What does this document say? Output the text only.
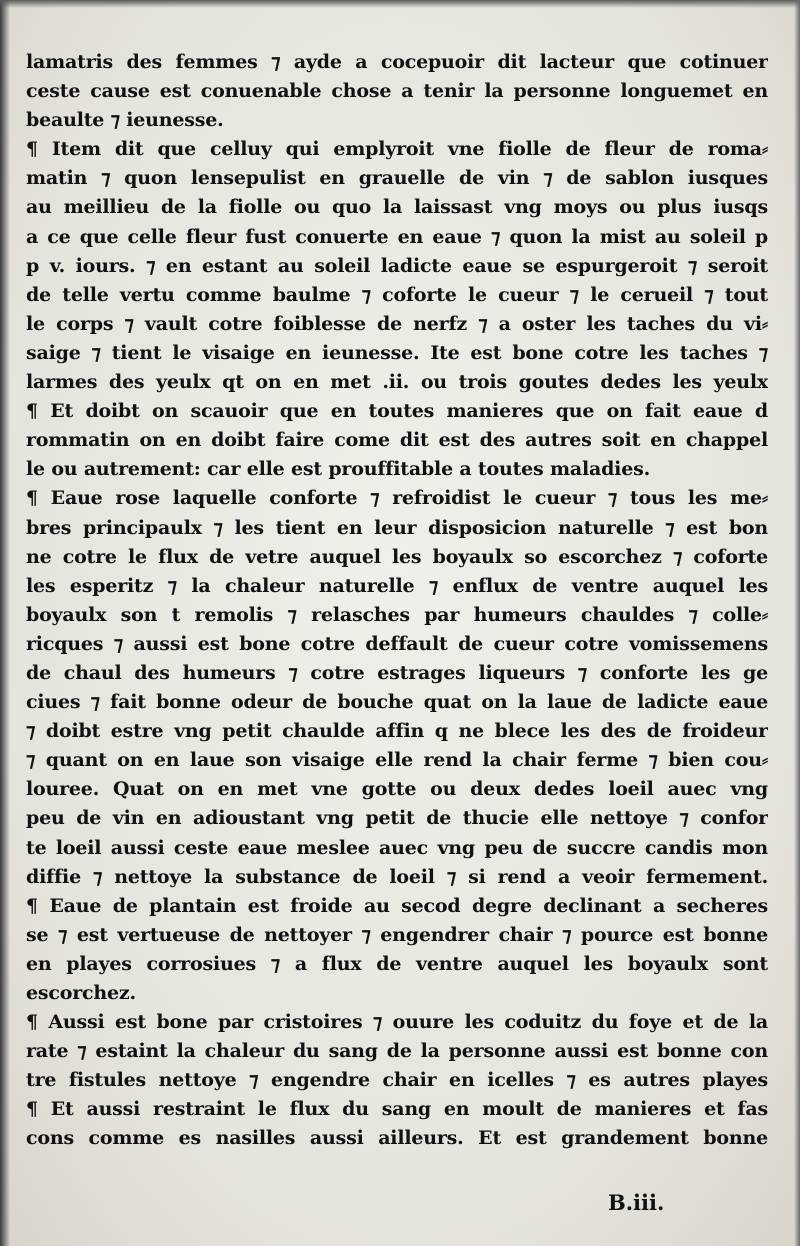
lamatris des femmes ⁊ ayde a cocepuoir dit lacteur que cotinuer
ceste cause est conuenable chose a tenir la personne longuemet en
beaulte ⁊ ieunesse.
¶ Item dit que celluy qui emplyroit vne fiolle de fleur de roma⸗
matin ⁊ quon lensepulist en grauelle de vin ⁊ de sablon iusques
au meillieu de la fiolle ou quo la laissast vng moys ou plus iusqs
a ce que celle fleur fust conuerte en eaue ⁊ quon la mist au soleil p
p v. iours. ⁊ en estant au soleil ladicte eaue se espurgeroit ⁊ seroit
de telle vertu comme baulme ⁊ coforte le cueur ⁊ le cerueil ⁊ tout
le corps ⁊ vault cotre foiblesse de nerfz ⁊ a oster les taches du vi⸗
saige ⁊ tient le visaige en ieunesse. Ite est bone cotre les taches ⁊
larmes des yeulx qt on en met .ii. ou trois goutes dedes les yeulx
¶ Et doibt on scauoir que en toutes manieres que on fait eaue d
rommatin on en doibt faire come dit est des autres soit en chappel
le ou autrement: car elle est prouffitable a toutes maladies.
¶ Eaue rose laquelle conforte ⁊ refroidist le cueur ⁊ tous les me⸗
bres principaulx ⁊ les tient en leur disposicion naturelle ⁊ est bon
ne cotre le flux de vetre auquel les boyaulx so escorchez ⁊ coforte
les esperitz ⁊ la chaleur naturelle ⁊ enflux de ventre auquel les
boyaulx son t remolis ⁊ relasches par humeurs chauldes ⁊ colle⸗
ricques ⁊ aussi est bone cotre deffault de cueur cotre vomissemens
de chaul des humeurs ⁊ cotre estrages liqueurs ⁊ conforte les ge
ciues ⁊ fait bonne odeur de bouche quat on la laue de ladicte eaue
⁊ doibt estre vng petit chaulde affin q ne blece les des de froideur
⁊ quant on en laue son visaige elle rend la chair ferme ⁊ bien cou⸗
louree. Quat on en met vne gotte ou deux dedes loeil auec vng
peu de vin en adioustant vng petit de thucie elle nettoye ⁊ confor
te loeil aussi ceste eaue meslee auec vng peu de succre candis mon
diffie ⁊ nettoye la substance de loeil ⁊ si rend a veoir fermement.
¶ Eaue de plantain est froide au secod degre declinant a secheres
se ⁊ est vertueuse de nettoyer ⁊ engendrer chair ⁊ pource est bonne
en playes corrosiues ⁊ a flux de ventre auquel les boyaulx sont
escorchez.
¶ Aussi est bone par cristoires ⁊ ouure les coduitz du foye et de la
rate ⁊ estaint la chaleur du sang de la personne aussi est bonne con
tre fistules nettoye ⁊ engendre chair en icelles ⁊ es autres playes
¶ Et aussi restraint le flux du sang en moult de manieres et fas
cons comme es nasilles aussi ailleurs. Et est grandement bonne
B.iii.
